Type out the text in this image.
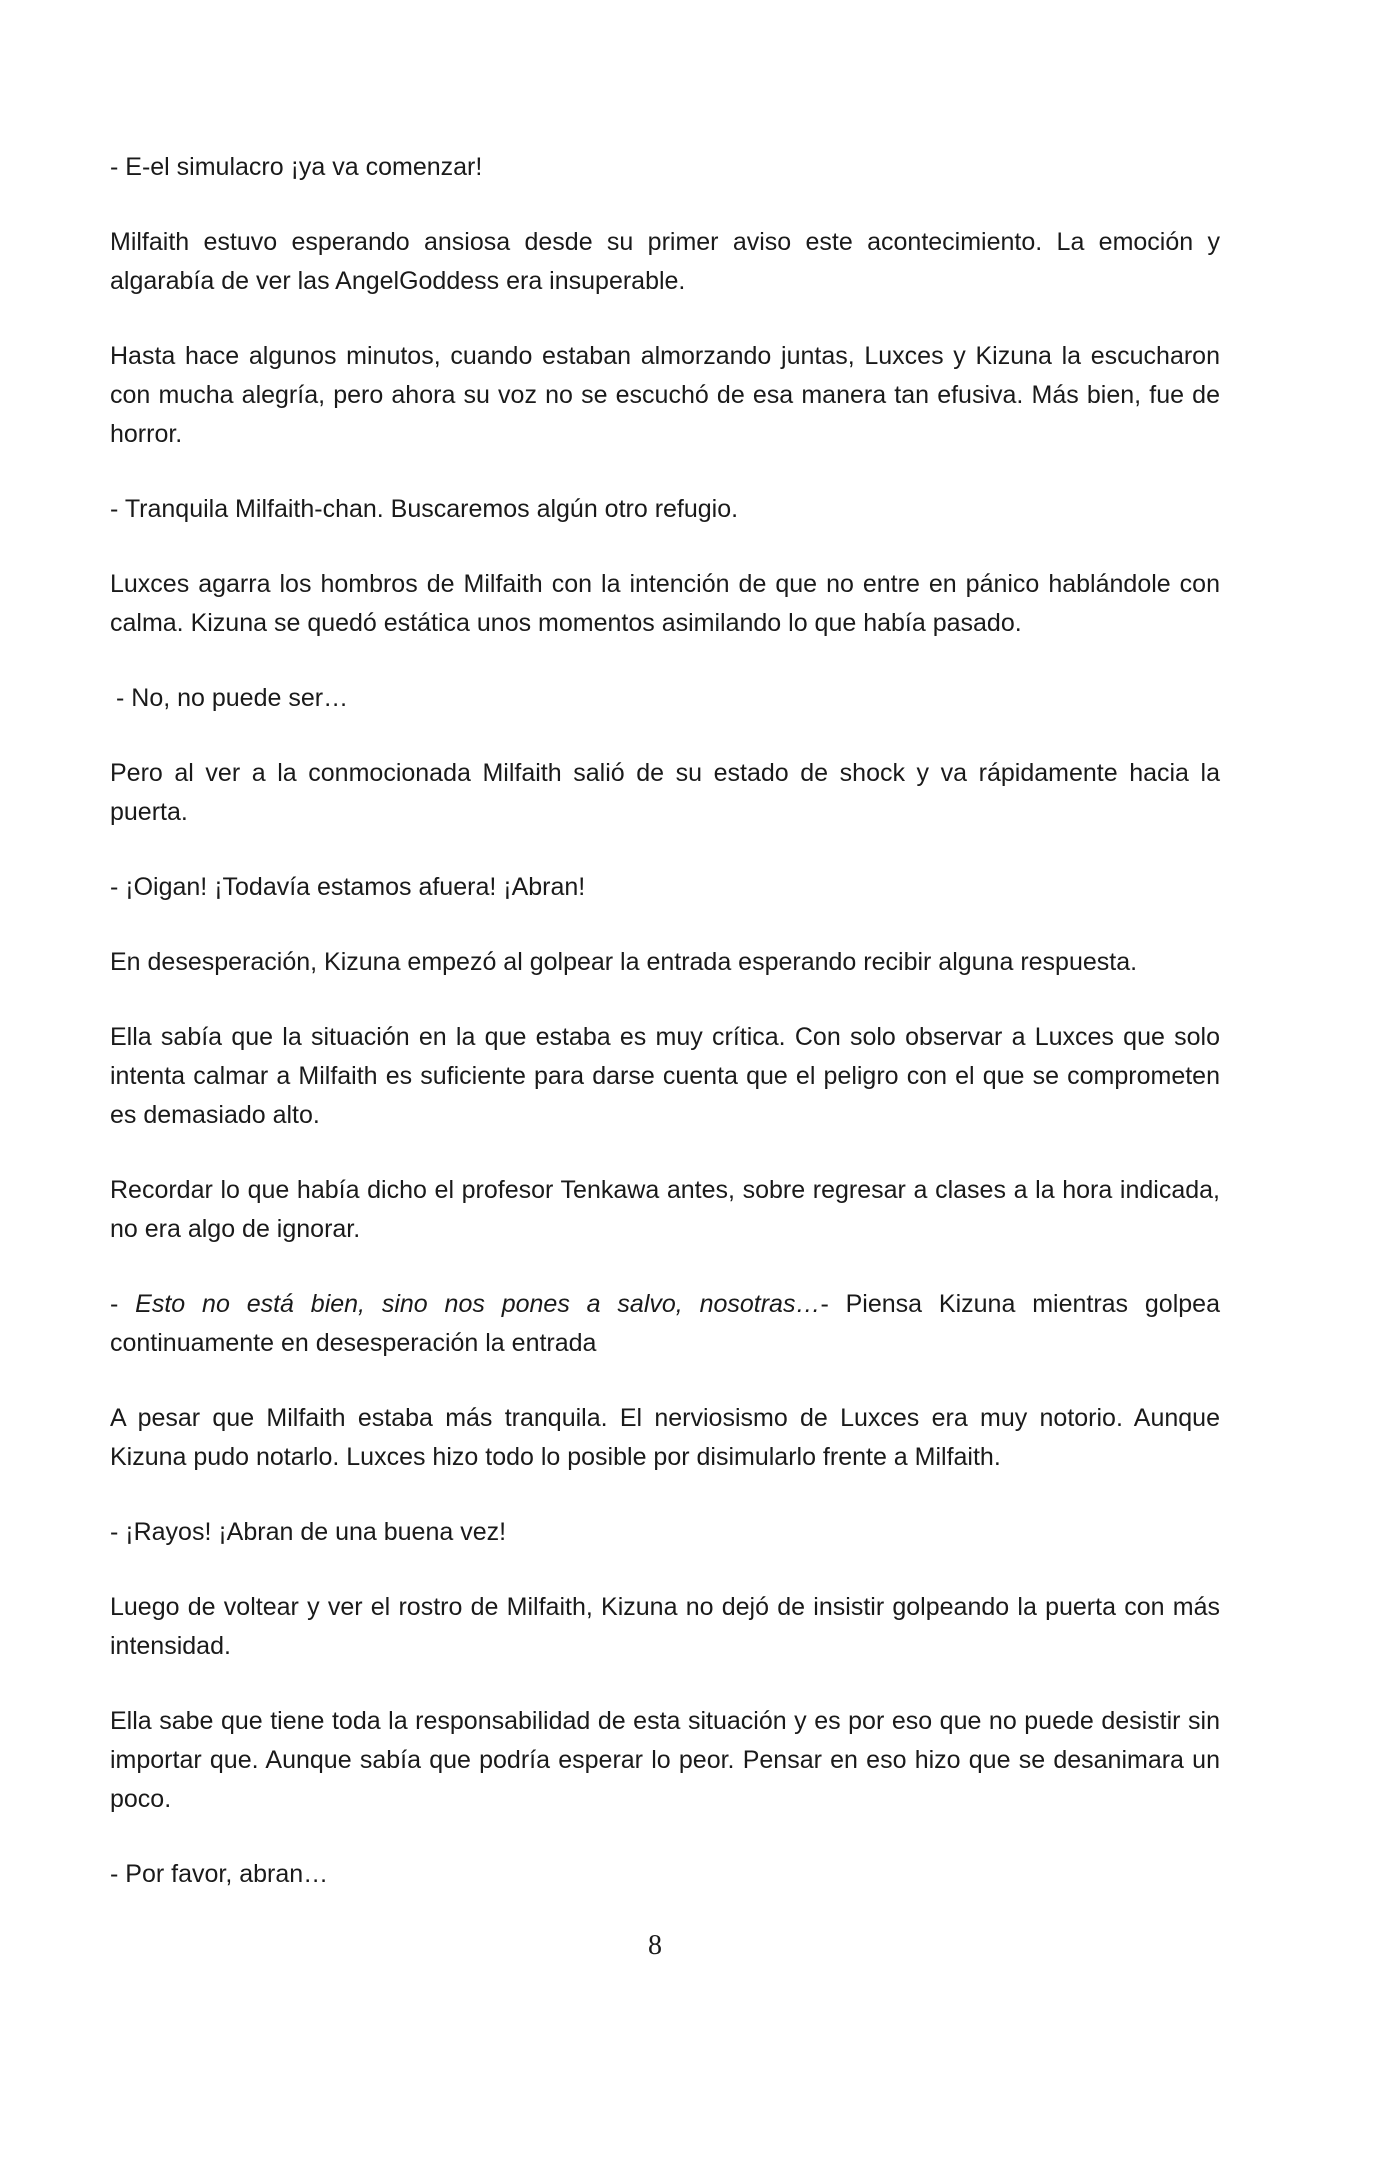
- E-el simulacro ¡ya va comenzar!

Milfaith estuvo esperando ansiosa desde su primer aviso este acontecimiento. La emoción y algarabía de ver las AngelGoddess era insuperable.

Hasta hace algunos minutos, cuando estaban almorzando juntas, Luxces y Kizuna la escucharon con mucha alegría, pero ahora su voz no se escuchó de esa manera tan efusiva. Más bien, fue de horror.

- Tranquila Milfaith-chan. Buscaremos algún otro refugio.

Luxces agarra los hombros de Milfaith con la intención de que no entre en pánico hablándole con calma. Kizuna se quedó estática unos momentos asimilando lo que había pasado.

- No, no puede ser…

Pero al ver a la conmocionada Milfaith salió de su estado de shock y va rápidamente hacia la puerta.

- ¡Oigan! ¡Todavía estamos afuera! ¡Abran!

En desesperación, Kizuna empezó al golpear la entrada esperando recibir alguna respuesta.

Ella sabía que la situación en la que estaba es muy crítica. Con solo observar a Luxces que solo intenta calmar a Milfaith es suficiente para darse cuenta que el peligro con el que se comprometen es demasiado alto.

Recordar lo que había dicho el profesor Tenkawa antes, sobre regresar a clases a la hora indicada, no era algo de ignorar.

- Esto no está bien, sino nos pones a salvo, nosotras…- Piensa Kizuna mientras golpea continuamente en desesperación la entrada

A pesar que Milfaith estaba más tranquila. El nerviosismo de Luxces era muy notorio. Aunque Kizuna pudo notarlo. Luxces hizo todo lo posible por disimularlo frente a Milfaith.

- ¡Rayos! ¡Abran de una buena vez!

Luego de voltear y ver el rostro de Milfaith, Kizuna no dejó de insistir golpeando la puerta con más intensidad.

Ella sabe que tiene toda la responsabilidad de esta situación y es por eso que no puede desistir sin importar que. Aunque sabía que podría esperar lo peor. Pensar en eso hizo que se desanimara un poco.

- Por favor, abran…

8
